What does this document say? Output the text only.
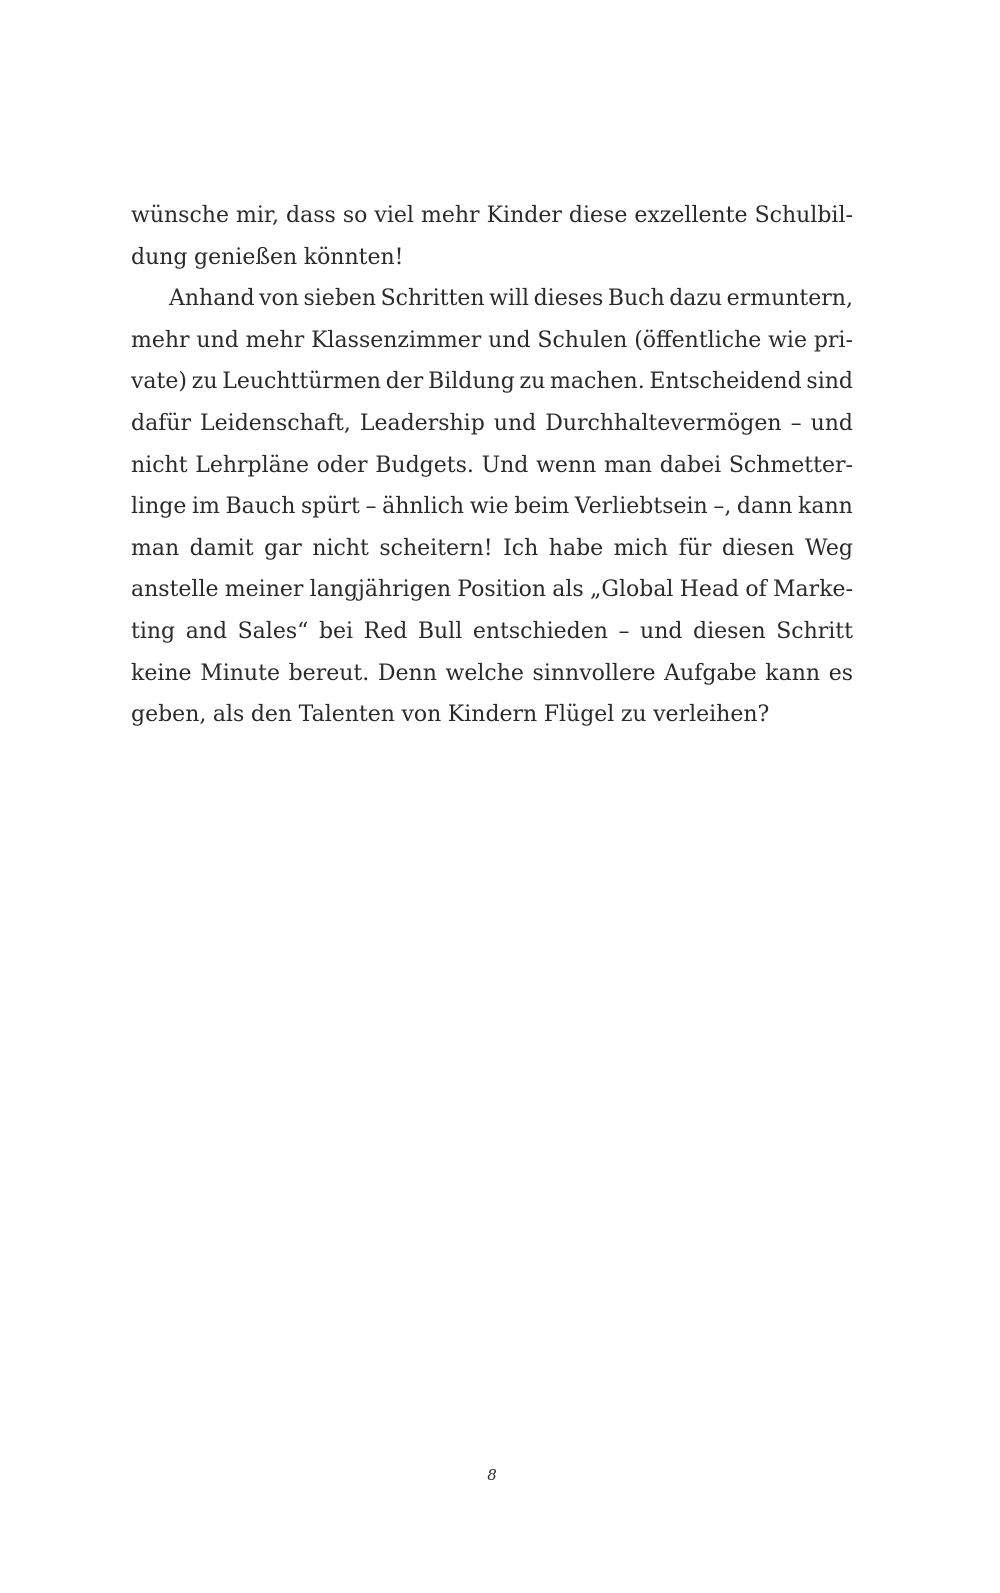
wünsche mir, dass so viel mehr Kinder diese exzellente Schulbil-
dung genießen könnten!
Anhand von sieben Schritten will dieses Buch dazu ermuntern,
mehr und mehr Klassenzimmer und Schulen (öffentliche wie pri-
vate) zu Leuchttürmen der Bildung zu machen. Entscheidend sind
dafür Leidenschaft, Leadership und Durchhaltevermögen – und
nicht Lehrpläne oder Budgets. Und wenn man dabei Schmetter-
linge im Bauch spürt – ähnlich wie beim Verliebtsein –, dann kann
man damit gar nicht scheitern! Ich habe mich für diesen Weg
anstelle meiner langjährigen Position als „Global Head of Marke-
ting and Sales“ bei Red Bull entschieden – und diesen Schritt
keine Minute bereut. Denn welche sinnvollere Aufgabe kann es
geben, als den Talenten von Kindern Flügel zu verleihen?
8
